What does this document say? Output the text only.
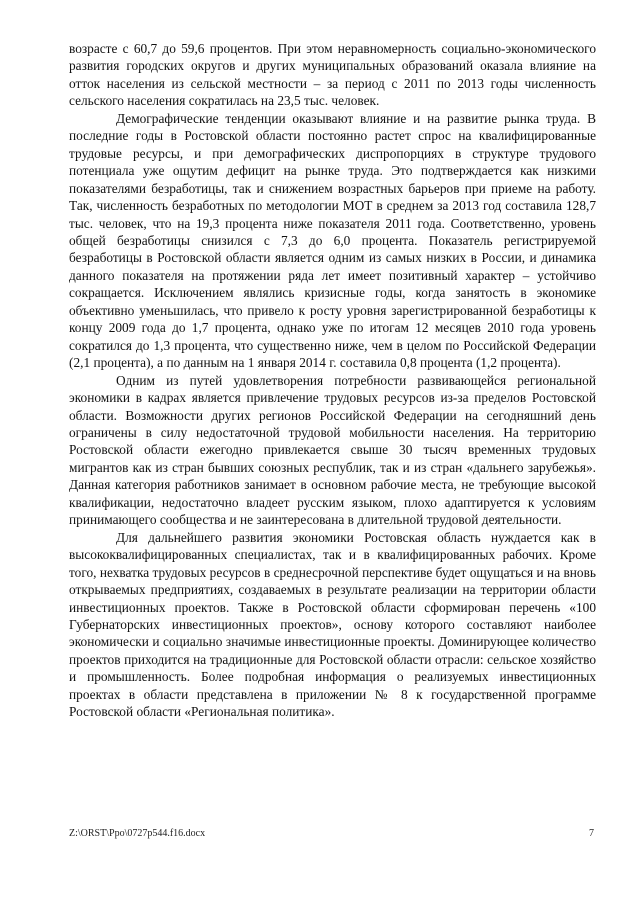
возрасте с 60,7 до 59,6 процентов. При этом неравномерность социально-экономического развития городских округов и других муниципальных образований оказала влияние на отток населения из сельской местности – за период с 2011 по 2013 годы численность сельского населения сократилась на 23,5 тыс. человек.

Демографические тенденции оказывают влияние и на развитие рынка труда. В последние годы в Ростовской области постоянно растет спрос на квалифицированные трудовые ресурсы, и при демографических диспропорциях в структуре трудового потенциала уже ощутим дефицит на рынке труда. Это подтверждается как низкими показателями безработицы, так и снижением возрастных барьеров при приеме на работу. Так, численность безработных по методологии МОТ в среднем за 2013 год составила 128,7 тыс. человек, что на 19,3 процента ниже показателя 2011 года. Соответственно, уровень общей безработицы снизился с 7,3 до 6,0 процента. Показатель регистрируемой безработицы в Ростовской области является одним из самых низких в России, и динамика данного показателя на протяжении ряда лет имеет позитивный характер – устойчиво сокращается. Исключением являлись кризисные годы, когда занятость в экономике объективно уменьшилась, что привело к росту уровня зарегистрированной безработицы к концу 2009 года до 1,7 процента, однако уже по итогам 12 месяцев 2010 года уровень сократился до 1,3 процента, что существенно ниже, чем в целом по Российской Федерации (2,1 процента), а по данным на 1 января 2014 г. составила 0,8 процента (1,2 процента).

Одним из путей удовлетворения потребности развивающейся региональной экономики в кадрах является привлечение трудовых ресурсов из-за пределов Ростовской области. Возможности других регионов Российской Федерации на сегодняшний день ограничены в силу недостаточной трудовой мобильности населения. На территорию Ростовской области ежегодно привлекается свыше 30 тысяч временных трудовых мигрантов как из стран бывших союзных республик, так и из стран «дальнего зарубежья». Данная категория работников занимает в основном рабочие места, не требующие высокой квалификации, недостаточно владеет русским языком, плохо адаптируется к условиям принимающего сообщества и не заинтересована в длительной трудовой деятельности.

Для дальнейшего развития экономики Ростовская область нуждается как в высококвалифицированных специалистах, так и в квалифицированных рабочих. Кроме того, нехватка трудовых ресурсов в среднесрочной перспективе будет ощущаться и на вновь открываемых предприятиях, создаваемых в результате реализации на территории области инвестиционных проектов. Также в Ростовской области сформирован перечень «100 Губернаторских инвестиционных проектов», основу которого составляют наиболее экономически и социально значимые инвестиционные проекты. Доминирующее количество проектов приходится на традиционные для Ростовской области отрасли: сельское хозяйство и промышленность. Более подробная информация о реализуемых инвестиционных проектах в области представлена в приложении № 8 к государственной программе Ростовской области «Региональная политика».

Z:\ORST\Ppo\0727p544.f16.docx	7
